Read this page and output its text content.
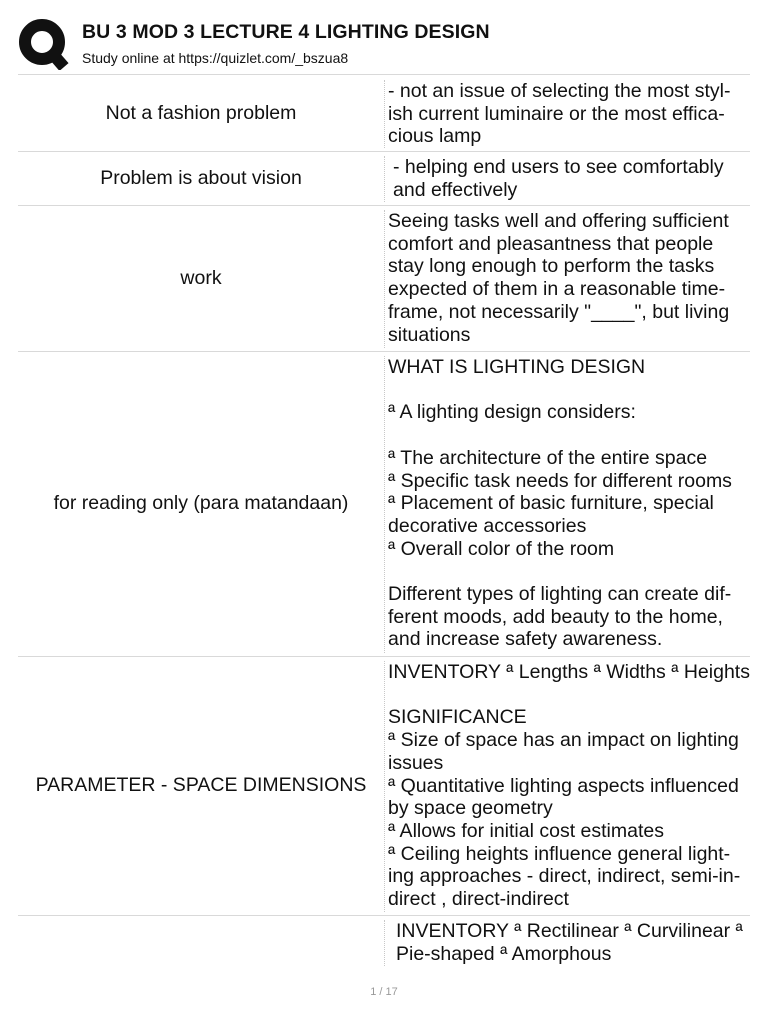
BU 3 MOD 3 LECTURE 4 LIGHTING DESIGN
Study online at https://quizlet.com/_bszua8
Not a fashion problem
- not an issue of selecting the most styl-
ish current luminaire or the most effica-
cious lamp
Problem is about vision	- helping end users to see comfortably
and effectively
work
Seeing tasks well and offering sufficient
comfort and pleasantness that people
stay long enough to perform the tasks
expected of them in a reasonable time-
frame, not necessarily "____", but living
situations
for reading only (para matandaan)
WHAT IS LIGHTING DESIGN

ª A lighting design considers:

ª The architecture of the entire space
ª Specific task needs for different rooms
ª Placement of basic furniture, special
decorative accessories
ª Overall color of the room

Different types of lighting can create dif-
ferent moods, add beauty to the home,
and increase safety awareness.
PARAMETER - SPACE DIMENSIONS
INVENTORY ª Lengths ª Widths ª Heights

SIGNIFICANCE
ª Size of space has an impact on lighting
issues
ª Quantitative lighting aspects influenced
by space geometry
ª Allows for initial cost estimates
ª Ceiling heights influence general light-
ing approaches - direct, indirect, semi-in-
direct , direct-indirect
INVENTORY ª Rectilinear ª Curvilinear ª
Pie-shaped ª Amorphous
1 / 17
